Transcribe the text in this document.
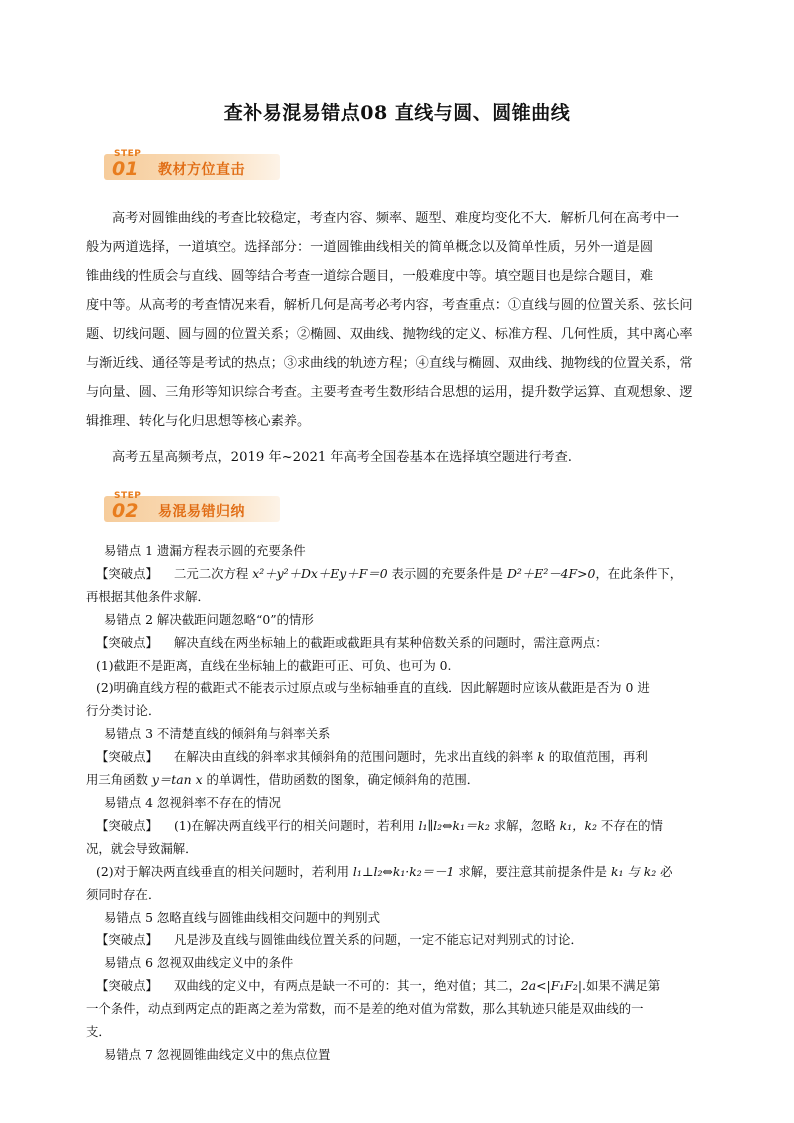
查补易混易错点08 直线与圆、圆锥曲线
STEP
01 教材方位直击
高考对圆锥曲线的考查比较稳定，考查内容、频率、题型、难度均变化不大．解析几何在高考中一
般为两道选择，一道填空。选择部分：一道圆锥曲线相关的简单概念以及简单性质，另外一道是圆
锥曲线的性质会与直线、圆等结合考查一道综合题目，一般难度中等。填空题目也是综合题目，难
度中等。从高考的考查情况来看，解析几何是高考必考内容，考查重点：①直线与圆的位置关系、弦长问
题、切线问题、圆与圆的位置关系；②椭圆、双曲线、抛物线的定义、标准方程、几何性质，其中离心率
与渐近线、通径等是考试的热点；③求曲线的轨迹方程；④直线与椭圆、双曲线、抛物线的位置关系，常
与向量、圆、三角形等知识综合考查。主要考查考生数形结合思想的运用，提升数学运算、直观想象、逻
辑推理、转化与化归思想等核心素养。
高考五星高频考点，2019 年~2021 年高考全国卷基本在选择填空题进行考查.
STEP
02 易混易错归纳
易错点 1 遗漏方程表示圆的充要条件
【突破点】 二元二次方程 x²＋y²＋Dx＋Ey＋F＝0 表示圆的充要条件是 D²＋E²－4F>0，在此条件下，
再根据其他条件求解．
易错点 2 解决截距问题忽略“0”的情形
【突破点】 解决直线在两坐标轴上的截距或截距具有某种倍数关系的问题时，需注意两点：
(1)截距不是距离，直线在坐标轴上的截距可正、可负、也可为 0.
(2)明确直线方程的截距式不能表示过原点或与坐标轴垂直的直线．因此解题时应该从截距是否为 0 进
行分类讨论．
易错点 3 不清楚直线的倾斜角与斜率关系
【突破点】 在解决由直线的斜率求其倾斜角的范围问题时，先求出直线的斜率 k 的取值范围，再利
用三角函数 y＝tan x 的单调性，借助函数的图象，确定倾斜角的范围．
易错点 4 忽视斜率不存在的情况
【突破点】 (1)在解决两直线平行的相关问题时，若利用 l₁∥l₂⇔k₁＝k₂ 求解，忽略 k₁，k₂ 不存在的情
况，就会导致漏解．
(2)对于解决两直线垂直的相关问题时，若利用 l₁⊥l₂⇔k₁·k₂＝－1 求解，要注意其前提条件是 k₁ 与 k₂ 必
须同时存在．
易错点 5 忽略直线与圆锥曲线相交问题中的判别式
【突破点】 凡是涉及直线与圆锥曲线位置关系的问题，一定不能忘记对判别式的讨论．
易错点 6 忽视双曲线定义中的条件
【突破点】 双曲线的定义中，有两点是缺一不可的：其一，绝对值；其二，2a<|F₁F₂|.如果不满足第
一个条件，动点到两定点的距离之差为常数，而不是差的绝对值为常数，那么其轨迹只能是双曲线的一
支．
易错点 7 忽视圆锥曲线定义中的焦点位置
